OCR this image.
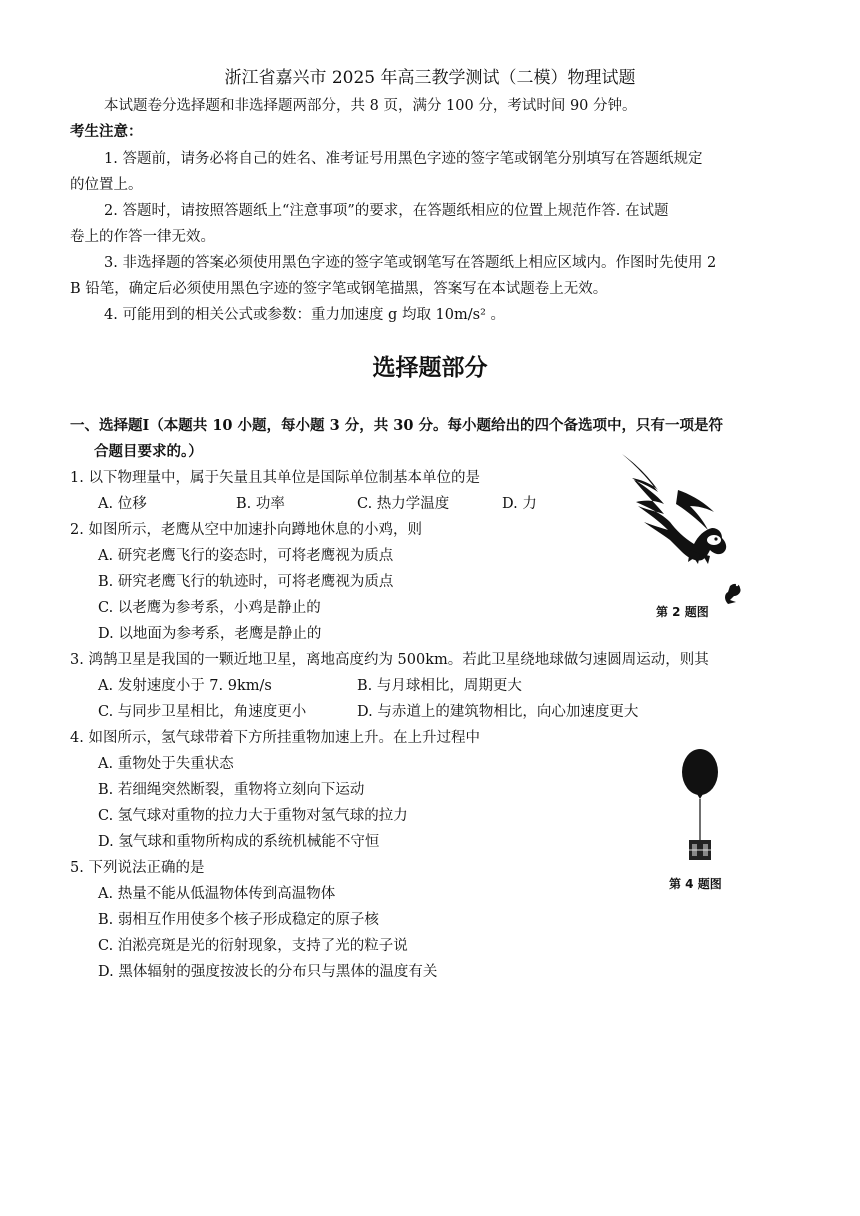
浙江省嘉兴市 2025 年高三教学测试（二模）物理试题
本试题卷分选择题和非选择题两部分，共 8 页，满分 100 分，考试时间 90 分钟。
考生注意：
1. 答题前，请务必将自己的姓名、准考证号用黑色字迹的签字笔或钢笔分别填写在答题纸规定
的位置上。
2. 答题时，请按照答题纸上“注意事项”的要求，在答题纸相应的位置上规范作答. 在试题
卷上的作答一律无效。
3. 非选择题的答案必须使用黑色字迹的签字笔或钢笔写在答题纸上相应区域内。作图时先使用 2
B 铅笔，确定后必须使用黑色字迹的签字笔或钢笔描黑，答案写在本试题卷上无效。
4. 可能用到的相关公式或参数：重力加速度 g 均取 10m/s² 。
选择题部分
一、选择题Ⅰ（本题共 10 小题，每小题 3 分，共 30 分。每小题给出的四个备选项中，只有一项是符
合题目要求的。）
1. 以下物理量中，属于矢量且其单位是国际单位制基本单位的是
A. 位移	B. 功率	C. 热力学温度	D. 力
2. 如图所示，老鹰从空中加速扑向蹲地休息的小鸡，则
A. 研究老鹰飞行的姿态时，可将老鹰视为质点
B. 研究老鹰飞行的轨迹时，可将老鹰视为质点
C. 以老鹰为参考系，小鸡是静止的
D. 以地面为参考系，老鹰是静止的
第 2 题图
3. 鸿鹄卫星是我国的一颗近地卫星，离地高度约为 500km。若此卫星绕地球做匀速圆周运动，则其
A. 发射速度小于 7. 9km/s	B. 与月球相比，周期更大
C. 与同步卫星相比，角速度更小	D. 与赤道上的建筑物相比，向心加速度更大
4. 如图所示，氢气球带着下方所挂重物加速上升。在上升过程中
A. 重物处于失重状态
B. 若细绳突然断裂，重物将立刻向下运动
C. 氢气球对重物的拉力大于重物对氢气球的拉力
D. 氢气球和重物所构成的系统机械能不守恒
第 4 题图
5. 下列说法正确的是
A. 热量不能从低温物体传到高温物体
B. 弱相互作用使多个核子形成稳定的原子核
C. 泊淞亮斑是光的衍射现象，支持了光的粒子说
D. 黑体辐射的强度按波长的分布只与黑体的温度有关
